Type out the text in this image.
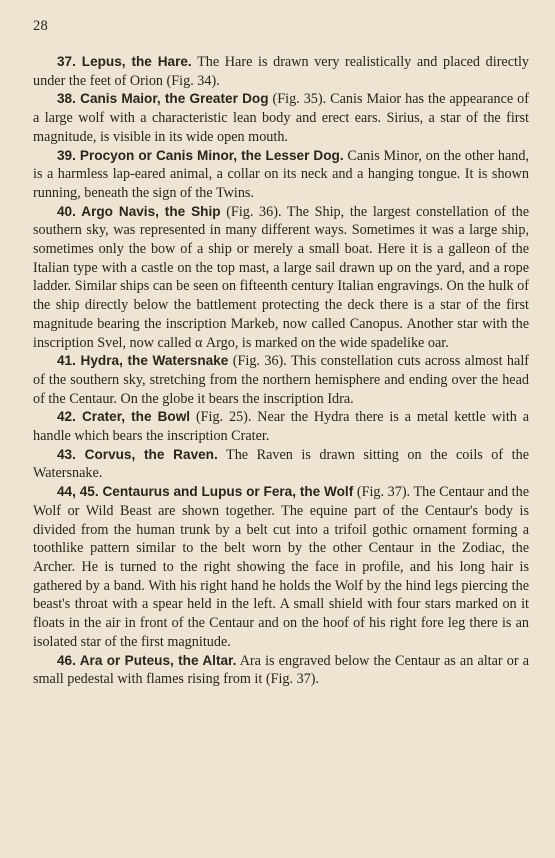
28

37. Lepus, the Hare. The Hare is drawn very realistically and placed directly under the feet of Orion (Fig. 34).

38. Canis Maior, the Greater Dog (Fig. 35). Canis Maior has the appearance of a large wolf with a characteristic lean body and erect ears. Sirius, a star of the first magnitude, is visible in its wide open mouth.

39. Procyon or Canis Minor, the Lesser Dog. Canis Minor, on the other hand, is a harmless lap-eared animal, a collar on its neck and a hanging tongue. It is shown running, beneath the sign of the Twins.

40. Argo Navis, the Ship (Fig. 36). The Ship, the largest constellation of the southern sky, was represented in many different ways. Sometimes it was a large ship, sometimes only the bow of a ship or merely a small boat. Here it is a galleon of the Italian type with a castle on the top mast, a large sail drawn up on the yard, and a rope ladder. Similar ships can be seen on fifteenth century Italian engravings. On the hulk of the ship directly below the battlement protecting the deck there is a star of the first magnitude bearing the inscription Markeb, now called Canopus. Another star with the inscription Svel, now called α Argo, is marked on the wide spadelike oar.

41. Hydra, the Watersnake (Fig. 36). This constellation cuts across almost half of the southern sky, stretching from the northern hemisphere and ending over the head of the Centaur. On the globe it bears the inscription Idra.

42. Crater, the Bowl (Fig. 25). Near the Hydra there is a metal kettle with a handle which bears the inscription Crater.

43. Corvus, the Raven. The Raven is drawn sitting on the coils of the Watersnake.

44, 45. Centaurus and Lupus or Fera, the Wolf (Fig. 37). The Centaur and the Wolf or Wild Beast are shown together. The equine part of the Centaur's body is divided from the human trunk by a belt cut into a trifoil gothic ornament forming a toothlike pattern similar to the belt worn by the other Centaur in the Zodiac, the Archer. He is turned to the right showing the face in profile, and his long hair is gathered by a band. With his right hand he holds the Wolf by the hind legs piercing the beast's throat with a spear held in the left. A small shield with four stars marked on it floats in the air in front of the Centaur and on the hoof of his right fore leg there is an isolated star of the first magnitude.

46. Ara or Puteus, the Altar. Ara is engraved below the Centaur as an altar or a small pedestal with flames rising from it (Fig. 37).
